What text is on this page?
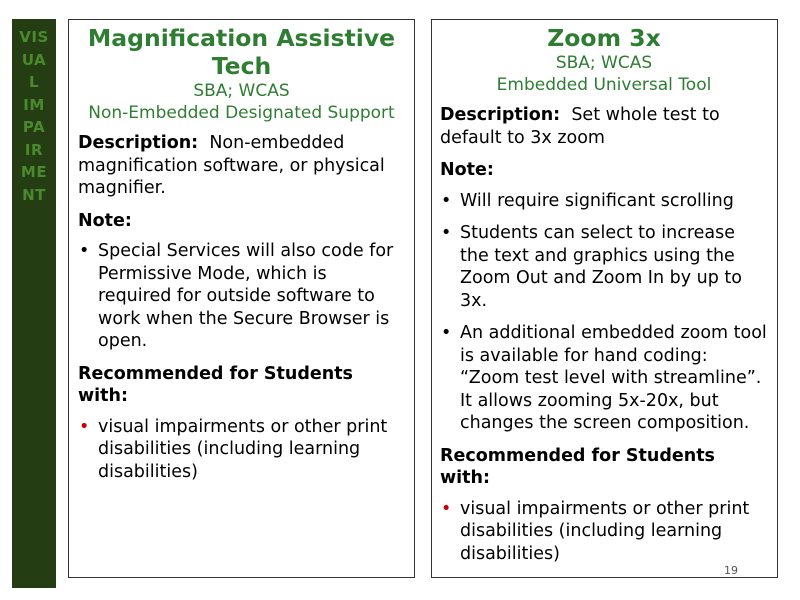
VIS
UA
L
IM
PA
IR
ME
NT
Magnification Assistive Tech
SBA; WCAS
Non-Embedded Designated Support

Description: Non-embedded magnification software, or physical magnifier.

Note:

• Special Services will also code for Permissive Mode, which is required for outside software to work when the Secure Browser is open.

Recommended for Students with:

• visual impairments or other print disabilities (including learning disabilities)
Zoom 3x
SBA; WCAS
Embedded Universal Tool

Description: Set whole test to default to 3x zoom

Note:

• Will require significant scrolling
• Students can select to increase the text and graphics using the Zoom Out and Zoom In by up to 3x.
• An additional embedded zoom tool is available for hand coding: “Zoom test level with streamline”. It allows zooming 5x-20x, but changes the screen composition.

Recommended for Students with:

• visual impairments or other print disabilities (including learning disabilities)
19
